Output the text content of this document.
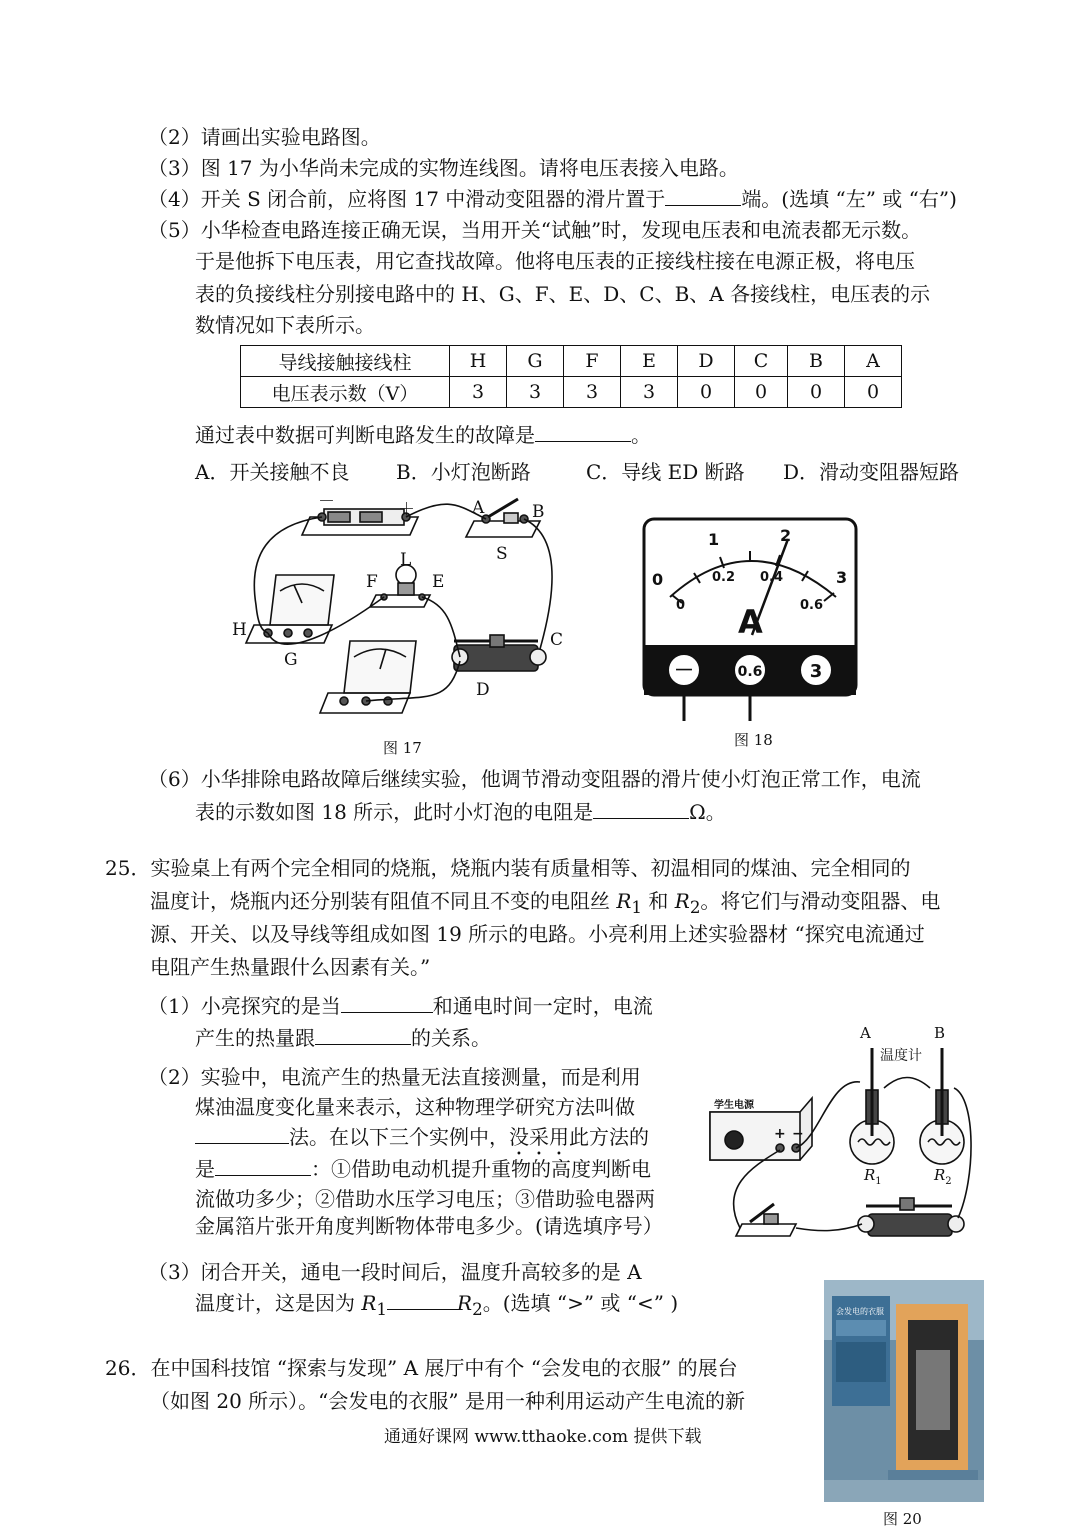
（2）请画出实验电路图。
（3）图 17 为小华尚未完成的实物连线图。请将电压表接入电路。
（4）开关 S 闭合前，应将图 17 中滑动变阻器的滑片置于	端。(选填 “左” 或 “右”)
（5）小华检查电路连接正确无误，当用开关“试触”时，发现电压表和电流表都无示数。
于是他拆下电压表，用它查找故障。他将电压表的正接线柱接在电源正极，将电压
表的负接线柱分别接电路中的 H、G、F、E、D、C、B、A 各接线柱，电压表的示
数情况如下表所示。
导线接触接线柱	H	G	F	E	D	C	B	A
电压表示数（V）	3	3	3	3	0	0	0	0
通过表中数据可判断电路发生的故障是	。
A．开关接触不良 B．小灯泡断路	C．导线 ED 断路 D．滑动变阻器短路
－	＋	A	B
S
L
F	E
H
G
C
D
图 17
0
1	2
3
0
0.2 0.4
0.6
A
－	0.6	3
图 18
（6）小华排除电路故障后继续实验，他调节滑动变阻器的滑片使小灯泡正常工作，电流
表的示数如图 18 所示，此时小灯泡的电阻是	Ω。
25．实验桌上有两个完全相同的烧瓶，烧瓶内装有质量相等、初温相同的煤油、完全相同的
温度计，烧瓶内还分别装有阻值不同且不变的电阻丝 $R_1$ 和 $R_2$。将它们与滑动变阻器、电
源、开关、以及导线等组成如图 19 所示的电路。小亮利用上述实验器材 “探究电流通过
电阻产生热量跟什么因素有关。”
（1）小亮探究的是当	和通电时间一定时，电流
产生的热量跟	的关系。
（2）实验中，电流产生的热量无法直接测量，而是利用
煤油温度变化量来表示，这种物理学研究方法叫做
法。在以下三个实例中，没采用此方法的
是	：①借助电动机提升重物的高度判断电
流做功多少；②借助水压学习电压；③借助验电器两
金属箔片张开角度判断物体带电多少。(请选填序号）
（3）闭合开关，通电一段时间后，温度升高较多的是 A
温度计，这是因为 $R_1$	$R_2$。(选填 “>” 或 “<” )
A	B
温度计
学生电源
+ −
$R_1$	$R_2$
26．在中国科技馆 “探索与发现” A 展厅中有个 “会发电的衣服” 的展台
（如图 20 所示）。“会发电的衣服” 是用一种利用运动产生电流的新
会发电的衣服
图 20
通通好课网 www.tthaoke.com 提供下载
